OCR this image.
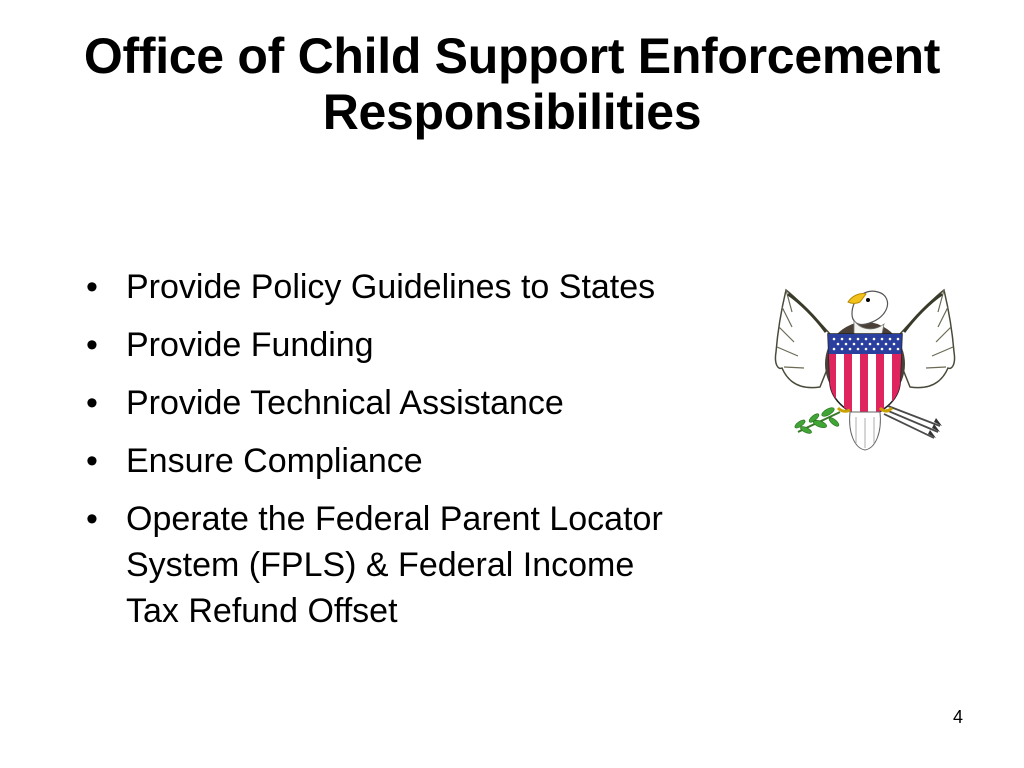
Office of Child Support Enforcement
Responsibilities
• Provide Policy Guidelines to States
• Provide Funding
• Provide Technical Assistance
• Ensure Compliance
• Operate the Federal Parent Locator
System (FPLS) & Federal Income
Tax Refund Offset
4
